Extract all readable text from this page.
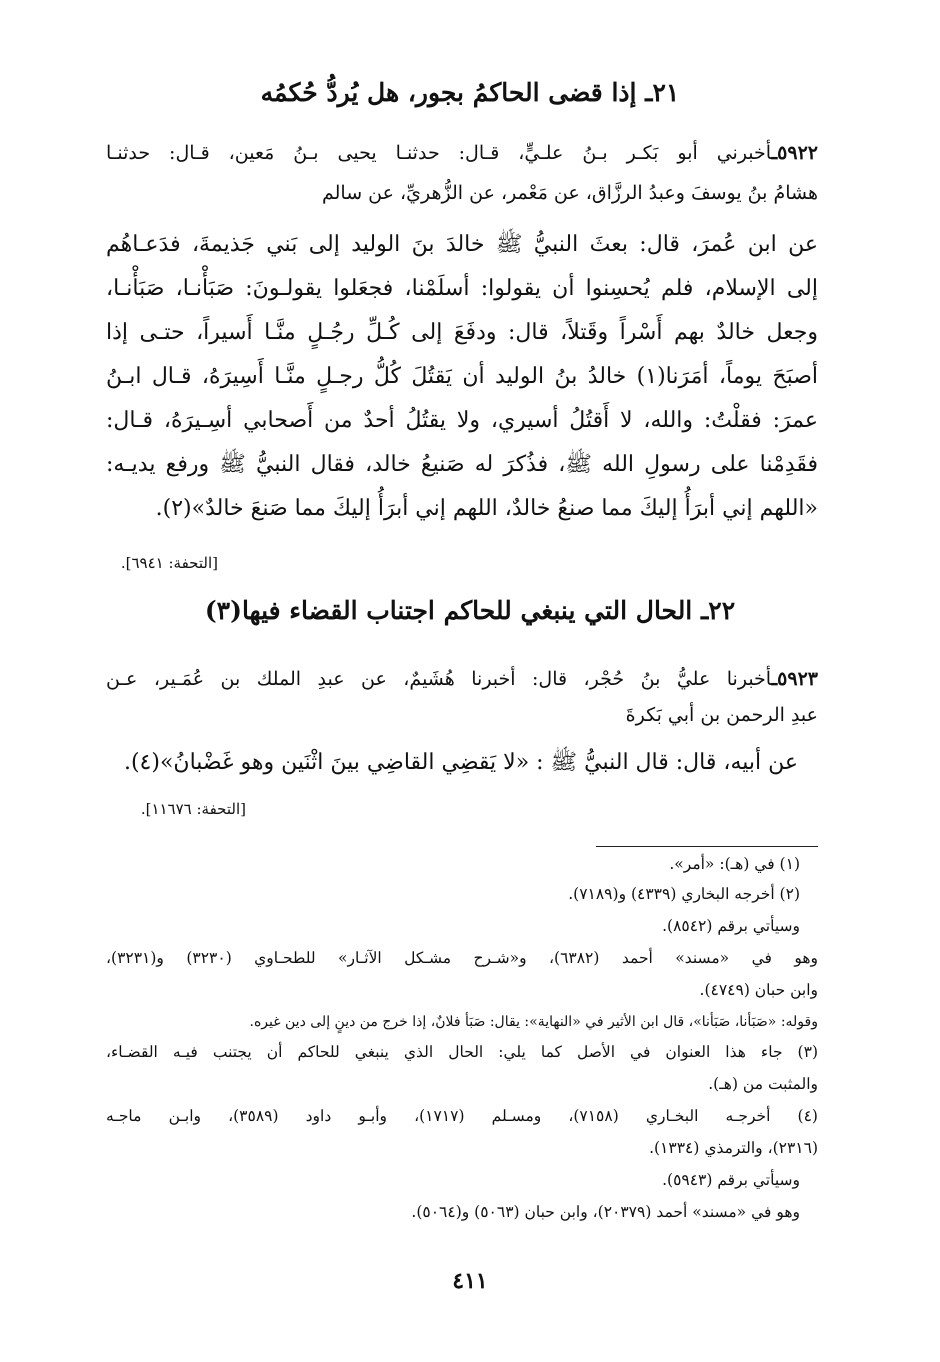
٢١ـ إذا قضى الحاكمُ بجور، هل يُردُّ حُكمُه
٥٩٢٢ـأخبرني أبو بَكـر بـنُ علـيٍّ، قـال: حدثنـا يحيى بـنُ مَعين، قـال: حدثنـا
هشامُ بنُ يوسفَ وعبدُ الرزَّاق، عن مَعْمر، عن الزُّهريِّ، عن سالم
عن ابن عُمرَ، قال: بعثَ النبيُّ ﷺ خالدَ بنَ الوليد إلى بَني جَذيمةَ، فدَعـاهُم
إلى الإسلام، فلم يُحسِنوا أن يقولوا: أسلَمْنا، فجعَلوا يقولـونَ: صَبَأْنـا، صَبَأْنـا،
وجعل خالدٌ بهم أَسْراً وقَتلاً، قال: ودفَعَ إلى كُـلِّ رجُـلٍ منَّـا أَسيراً، حتـى إذا
أصبَحَ يوماً، أمَرَنا(١) خالدُ بنُ الوليد أن يَقتُلَ كُلُّ رجـلٍ منَّـا أَسِيرَهُ، قـال ابـنُ
عمرَ: فقلْتُ: والله، لا أَقتُلُ أسيري، ولا يقتُلُ أحدٌ من أَصحابي أسِـيرَهُ، قـال:
فقَدِمْنا على رسولِ الله ﷺ، فذُكرَ له صَنيعُ خالد، فقال النبيُّ ﷺ ورفع يديـه:
«اللهم إني أبرَأُ إليكَ مما صنعُ خالدٌ، اللهم إني أبرَأُ إليكَ مما صَنعَ خالدٌ»(٢).
[التحفة: ٦٩٤١].
٢٢ـ الحال التي ينبغي للحاكم اجتناب القضاء فيها(٣)
٥٩٢٣ـأخبرنا عليُّ بنُ حُجْر، قال: أخبرنا هُشَيمٌ، عن عبدِ الملك بن عُمَـير، عـن
عبدِ الرحمن بن أبي بَكرةَ
عن أبيه، قال: قال النبيُّ ﷺ : «لا يَقضِي القاضِي بينَ اثْنَين وهو غَضْبانُ»(٤).
[التحفة: ١١٦٧٦].
(١) في (هـ): «أمر».
(٢) أخرجه البخاري (٤٣٣٩) و(٧١٨٩).
وسيأتي برقم (٨٥٤٢).
وهو في «مسند» أحمد (٦٣٨٢)، و«شـرح مشـكل الآثـار» للطحـاوي (٣٢٣٠) و(٣٢٣١)،
وابن حبان (٤٧٤٩).
وقوله: «صَبَأنا، صَبَأنا»، قال ابن الأثير في «النهاية»: يقال: صَبَأ فلانٌ، إذا خرج من دينٍ إلى دين غيره.
(٣) جاء هذا العنوان في الأصل كما يلي: الحال الذي ينبغي للحاكم أن يجتنب فيـه القضـاء،
والمثبت من (هـ).
(٤) أخرجـه البخـاري (٧١٥٨)، ومسـلم (١٧١٧)، وأبـو داود (٣٥٨٩)، وابـن ماجـه
(٢٣١٦)، والترمذي (١٣٣٤).
وسيأتي برقم (٥٩٤٣).
وهو في «مسند» أحمد (٢٠٣٧٩)، وابن حبان (٥٠٦٣) و(٥٠٦٤).
٤١١
